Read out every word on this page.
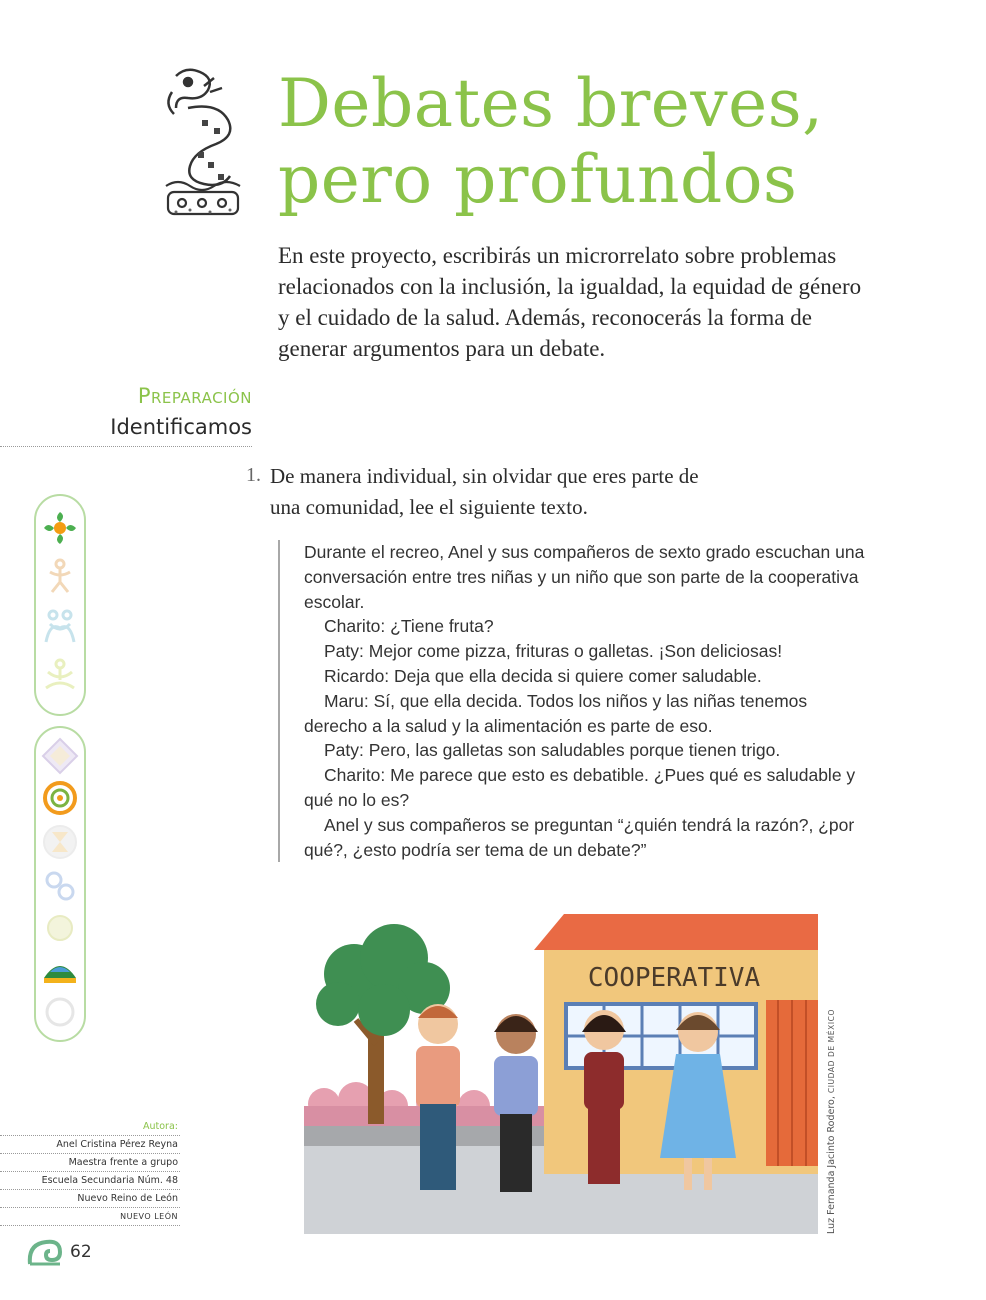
Debates breves,
pero profundos

En este proyecto, escribirás un microrrelato sobre problemas relacionados con la inclusión, la igualdad, la equidad de género y el cuidado de la salud. Además, reconocerás la forma de generar argumentos para un debate.

Preparación
Identificamos
1. De manera individual, sin olvidar que eres parte de una comunidad, lee el siguiente texto.

Durante el recreo, Anel y sus compañeros de sexto grado escuchan una conversación entre tres niñas y un niño que son parte de la cooperativa escolar.

Charito: ¿Tiene fruta?

Paty: Mejor come pizza, frituras o galletas. ¡Son deliciosas!

Ricardo: Deja que ella decida si quiere comer saludable.

Maru: Sí, que ella decida. Todos los niños y las niñas tenemos derecho a la salud y la alimentación es parte de eso.

Paty: Pero, las galletas son saludables porque tienen trigo.

Charito: Me parece que esto es debatible. ¿Pues qué es saludable y qué no lo es?

Anel y sus compañeros se preguntan “¿quién tendrá la razón?, ¿por qué?, ¿esto podría ser tema de un debate?”

COOPERATIVA
Luz Fernanda Jacinto Rodero, CIUDAD DE MÉXICO
Autora:
Anel Cristina Pérez Reyna
Maestra frente a grupo
Escuela Secundaria Núm. 48
Nuevo Reino de León
NUEVO LEÓN
62
